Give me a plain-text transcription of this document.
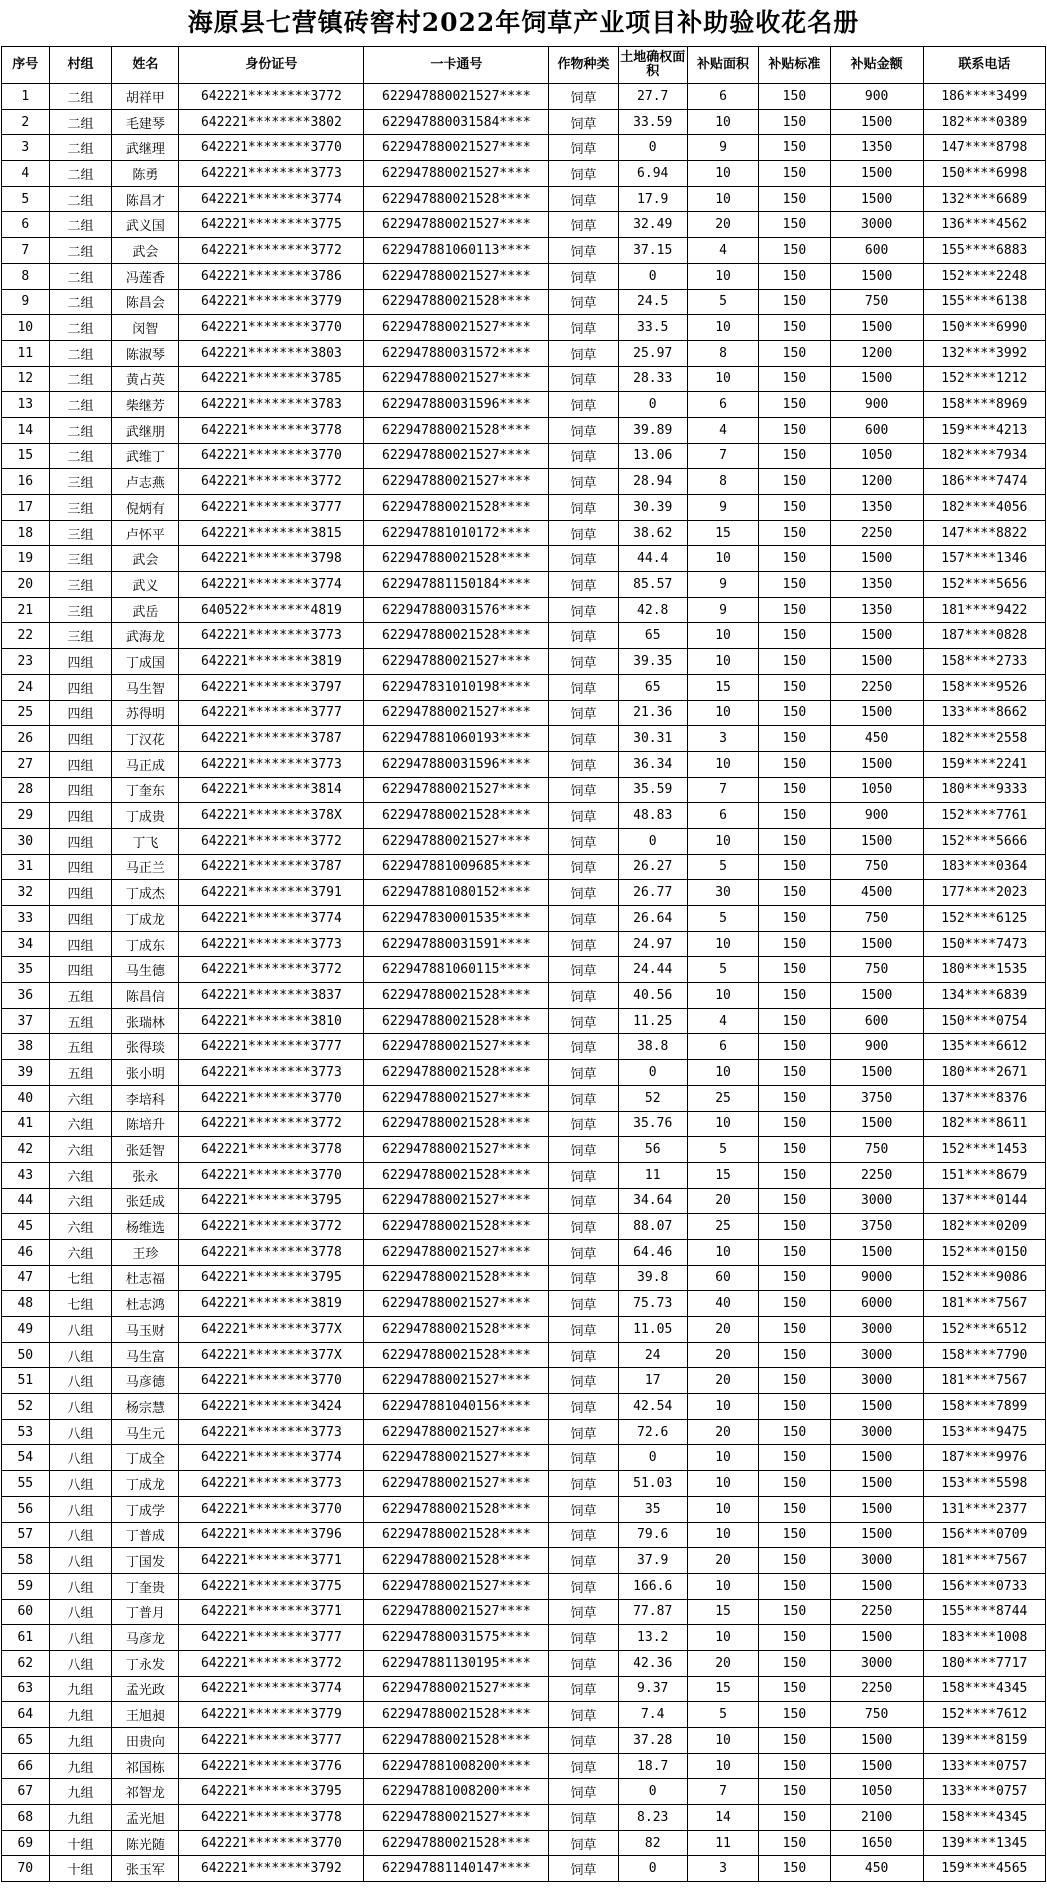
海原县七营镇砖窖村2022年饲草产业项目补助验收花名册
序号	村组	姓名	身份证号	一卡通号	作物种类	土地确权面积	补贴面积	补贴标准	补贴金额	联系电话
1	二组	胡祥甲	642221********3772	622947880021527****	饲草	27.7	6	150	900	186****3499
2	二组	毛建琴	642221********3802	622947880031584****	饲草	33.59	10	150	1500	182****0389
3	二组	武继理	642221********3770	622947880021527****	饲草	0	9	150	1350	147****8798
4	二组	陈勇	642221********3773	622947880021527****	饲草	6.94	10	150	1500	150****6998
5	二组	陈昌才	642221********3774	622947880021528****	饲草	17.9	10	150	1500	132****6689
6	二组	武义国	642221********3775	622947880021527****	饲草	32.49	20	150	3000	136****4562
7	二组	武会	642221********3772	622947881060113****	饲草	37.15	4	150	600	155****6883
8	二组	冯莲香	642221********3786	622947880021527****	饲草	0	10	150	1500	152****2248
9	二组	陈昌会	642221********3779	622947880021528****	饲草	24.5	5	150	750	155****6138
10	二组	闵智	642221********3770	622947880021527****	饲草	33.5	10	150	1500	150****6990
11	二组	陈淑琴	642221********3803	622947880031572****	饲草	25.97	8	150	1200	132****3992
12	二组	黄占英	642221********3785	622947880021527****	饲草	28.33	10	150	1500	152****1212
13	二组	柴继芳	642221********3783	622947880031596****	饲草	0	6	150	900	158****8969
14	二组	武继朋	642221********3778	622947880021528****	饲草	39.89	4	150	600	159****4213
15	二组	武维丁	642221********3770	622947880021527****	饲草	13.06	7	150	1050	182****7934
16	三组	卢志燕	642221********3772	622947880021527****	饲草	28.94	8	150	1200	186****7474
17	三组	倪炳有	642221********3777	622947880021528****	饲草	30.39	9	150	1350	182****4056
18	三组	卢怀平	642221********3815	622947881010172****	饲草	38.62	15	150	2250	147****8822
19	三组	武会	642221********3798	622947880021528****	饲草	44.4	10	150	1500	157****1346
20	三组	武义	642221********3774	622947881150184****	饲草	85.57	9	150	1350	152****5656
21	三组	武岳	640522********4819	622947880031576****	饲草	42.8	9	150	1350	181****9422
22	三组	武海龙	642221********3773	622947880021528****	饲草	65	10	150	1500	187****0828
23	四组	丁成国	642221********3819	622947880021527****	饲草	39.35	10	150	1500	158****2733
24	四组	马生智	642221********3797	622947831010198****	饲草	65	15	150	2250	158****9526
25	四组	苏得明	642221********3777	622947880021527****	饲草	21.36	10	150	1500	133****8662
26	四组	丁汉花	642221********3787	622947881060193****	饲草	30.31	3	150	450	182****2558
27	四组	马正成	642221********3773	622947880031596****	饲草	36.34	10	150	1500	159****2241
28	四组	丁奎东	642221********3814	622947880021527****	饲草	35.59	7	150	1050	180****9333
29	四组	丁成贵	642221********378X	622947880021528****	饲草	48.83	6	150	900	152****7761
30	四组	丁飞	642221********3772	622947880021527****	饲草	0	10	150	1500	152****5666
31	四组	马正兰	642221********3787	622947881009685****	饲草	26.27	5	150	750	183****0364
32	四组	丁成杰	642221********3791	622947881080152****	饲草	26.77	30	150	4500	177****2023
33	四组	丁成龙	642221********3774	622947830001535****	饲草	26.64	5	150	750	152****6125
34	四组	丁成东	642221********3773	622947880031591****	饲草	24.97	10	150	1500	150****7473
35	四组	马生德	642221********3772	622947881060115****	饲草	24.44	5	150	750	180****1535
36	五组	陈昌信	642221********3837	622947880021528****	饲草	40.56	10	150	1500	134****6839
37	五组	张瑞林	642221********3810	622947880021528****	饲草	11.25	4	150	600	150****0754
38	五组	张得琰	642221********3777	622947880021527****	饲草	38.8	6	150	900	135****6612
39	五组	张小明	642221********3773	622947880021528****	饲草	0	10	150	1500	180****2671
40	六组	李培科	642221********3770	622947880021527****	饲草	52	25	150	3750	137****8376
41	六组	陈培升	642221********3772	622947880021528****	饲草	35.76	10	150	1500	182****8611
42	六组	张廷智	642221********3778	622947880021527****	饲草	56	5	150	750	152****1453
43	六组	张永	642221********3770	622947880021528****	饲草	11	15	150	2250	151****8679
44	六组	张廷成	642221********3795	622947880021527****	饲草	34.64	20	150	3000	137****0144
45	六组	杨维选	642221********3772	622947880021528****	饲草	88.07	25	150	3750	182****0209
46	六组	王珍	642221********3778	622947880021527****	饲草	64.46	10	150	1500	152****0150
47	七组	杜志福	642221********3795	622947880021528****	饲草	39.8	60	150	9000	152****9086
48	七组	杜志鸿	642221********3819	622947880021527****	饲草	75.73	40	150	6000	181****7567
49	八组	马玉财	642221********377X	622947880021528****	饲草	11.05	20	150	3000	152****6512
50	八组	马生富	642221********377X	622947880021528****	饲草	24	20	150	3000	158****7790
51	八组	马彦德	642221********3770	622947880021527****	饲草	17	20	150	3000	181****7567
52	八组	杨宗慧	642221********3424	622947881040156****	饲草	42.54	10	150	1500	158****7899
53	八组	马生元	642221********3773	622947880021527****	饲草	72.6	20	150	3000	153****9475
54	八组	丁成全	642221********3774	622947880021527****	饲草	0	10	150	1500	187****9976
55	八组	丁成龙	642221********3773	622947880021527****	饲草	51.03	10	150	1500	153****5598
56	八组	丁成学	642221********3770	622947880021528****	饲草	35	10	150	1500	131****2377
57	八组	丁普成	642221********3796	622947880021528****	饲草	79.6	10	150	1500	156****0709
58	八组	丁国发	642221********3771	622947880021528****	饲草	37.9	20	150	3000	181****7567
59	八组	丁奎贵	642221********3775	622947880021527****	饲草	166.6	10	150	1500	156****0733
60	八组	丁普月	642221********3771	622947880021527****	饲草	77.87	15	150	2250	155****8744
61	八组	马彦龙	642221********3777	622947880031575****	饲草	13.2	10	150	1500	183****1008
62	八组	丁永发	642221********3772	622947881130195****	饲草	42.36	20	150	3000	180****7717
63	九组	孟光政	642221********3774	622947880021527****	饲草	9.37	15	150	2250	158****4345
64	九组	王旭昶	642221********3779	622947880021528****	饲草	7.4	5	150	750	152****7612
65	九组	田贵向	642221********3777	622947880021528****	饲草	37.28	10	150	1500	139****8159
66	九组	祁国栋	642221********3776	622947881008200****	饲草	18.7	10	150	1500	133****0757
67	九组	祁智龙	642221********3795	622947881008200****	饲草	0	7	150	1050	133****0757
68	九组	孟光旭	642221********3778	622947880021527****	饲草	8.23	14	150	2100	158****4345
69	十组	陈光随	642221********3770	622947880021528****	饲草	82	11	150	1650	139****1345
70	十组	张玉军	642221********3792	622947881140147****	饲草	0	3	150	450	159****4565
